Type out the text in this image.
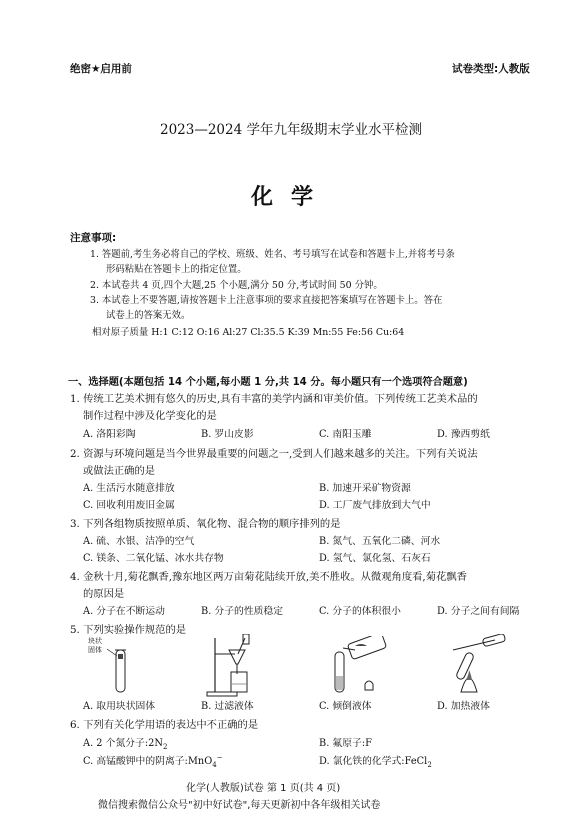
绝密★启用前	试卷类型:人教版
2023—2024 学年九年级期末学业水平检测
化学
注意事项:
1. 答题前,考生务必将自己的学校、班级、姓名、考号填写在试卷和答题卡上,并将考号条
形码粘贴在答题卡上的指定位置。
2. 本试卷共 4 页,四个大题,25 个小题,满分 50 分,考试时间 50 分钟。
3. 本试卷上不要答题,请按答题卡上注意事项的要求直接把答案填写在答题卡上。答在
试卷上的答案无效。
相对原子质量 H:1 C:12 O:16 Al:27 Cl:35.5 K:39 Mn:55 Fe:56 Cu:64
一、选择题(本题包括 14 个小题,每小题 1 分,共 14 分。每小题只有一个选项符合题意)
1. 传统工艺美术拥有悠久的历史,具有丰富的美学内涵和审美价值。下列传统工艺美术品的
制作过程中涉及化学变化的是
A. 洛阳彩陶	B. 罗山皮影	C. 南阳玉雕	D. 豫西剪纸
2. 资源与环境问题是当今世界最重要的问题之一,受到人们越来越多的关注。下列有关说法
或做法正确的是
A. 生活污水随意排放	B. 加速开采矿物资源
C. 回收利用废旧金属	D. 工厂废气排放到大气中
3. 下列各组物质按照单质、氧化物、混合物的顺序排列的是
A. 硫、水银、洁净的空气	B. 氮气、五氧化二磷、河水
C. 镁条、二氧化锰、冰水共存物	D. 氢气、氯化氢、石灰石
4. 金秋十月,菊花飘香,豫东地区两万亩菊花陆续开放,美不胜收。从微观角度看,菊花飘香
的原因是
A. 分子在不断运动	B. 分子的性质稳定	C. 分子的体积很小	D. 分子之间有间隔
5. 下列实验操作规范的是
块状
固体
A. 取用块状固体	B. 过滤液体	C. 倾倒液体	D. 加热液体
6. 下列有关化学用语的表达中不正确的是
A. 2 个氮分子$:2N_2$	B. 氟原子:F
C. 高锰酸钾中的阴离子:MnO$_4$−	D. 氯化铁的化学式:FeCl$_2$
化学(人教版)试卷 第 1 页(共 4 页)
微信搜索微信公众号"初中好试卷",每天更新初中各年级相关试卷
